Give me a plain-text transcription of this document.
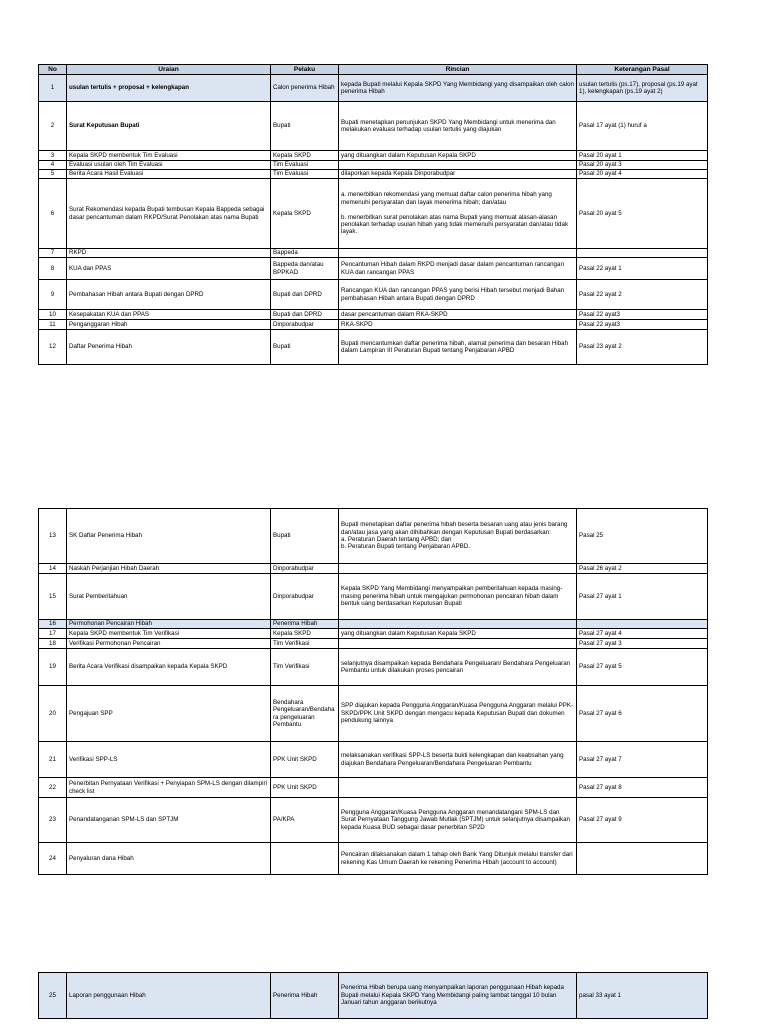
No	Uraian	Pelaku	Rincian	Keterangan Pasal
1	usulan tertulis + proposal + kelengkapan	Calon penerima Hibah	kepada Bupati melalui Kepala SKPD Yang Membidangi yang disampaikan oleh calon penerima Hibah	usulan tertulis (ps.17), proposal (ps.19 ayat 1), kelengkapan (ps.19 ayat 2)
2	Surat Keputusan Bupati	Bupati	Bupati menetapkan penunjukan SKPD Yang Membidangi untuk menerima dan melakukan evaluasi terhadap usulan tertulis yang diajukan	Pasal 17 ayat (1) huruf a
3	Kepala SKPD membentuk Tim Evaluasi	Kepala SKPD	yang dituangkan dalam Keputusan Kepala SKPD	Pasal 20 ayat 1
4	Evaluasi usulan oleh Tim Evaluasi	Tim Evaluasi		Pasal 20 ayat 3
5	Berita Acara Hasil Evaluasi	Tim Evaluasi	dilaporkan kepada Kepala Dinporabudpar	Pasal 20 ayat 4
6	Surat Rekomendasi kepada Bupati tembusan Kepala Bappeda sebagai dasar pencantuman dalam RKPD/Surat Penolakan atas nama Bupati	Kepala SKPD	a. menerbitkan rekomendasi yang memuat daftar calon penerima hibah yang memenuhi persyaratan dan layak menerima hibah; dan/atau

b. menerbitkan surat penolakan atas nama Bupati yang memuat alasan-alasan penolakan terhadap usulan hibah yang tidak memenuhi persyaratan dan/atau tidak layak.	Pasal 20 ayat 5
7	RKPD	Bappeda		
8	KUA dan PPAS	Bappeda dan/atau BPPKAD	Pencantuman Hibah dalam RKPD menjadi dasar dalam pencantuman rancangan KUA dan rancangan PPAS	Pasal 22 ayat 1
9	Pembahasan Hibah antara Bupati dengan DPRD	Bupati dan DPRD	Rancangan KUA dan rancangan PPAS yang berisi Hibah tersebut menjadi Bahan pembahasan Hibah antara Bupati dengan DPRD	Pasal 22 ayat 2
10	Kesepakatan KUA dan PPAS	Bupati dan DPRD	dasar pencantuman dalam RKA-SKPD	Pasal 22 ayat3
11	Penganggaran Hibah	Dinporabudpar	RKA-SKPD	Pasal 22 ayat3
12	Daftar Penerima Hibah	Bupati	Bupati mencantumkan daftar penerima hibah, alamat penerima dan besaran Hibah dalam Lampiran III Peraturan Bupati tentang Penjabaran APBD	Pasal 23 ayat 2
13	SK Daftar Penerima Hibah	Bupati	Bupati menetapkan daftar penerima hibah beserta besaran uang atau jenis barang dan/atau jasa yang akan dihibahkan dengan Keputusan Bupati berdasarkan:
a. Peraturan Daerah tentang APBD; dan
b. Peraturan Bupati tentang Penjabaran APBD.	Pasal 25
14	Naskah Perjanjian Hibah Daerah	Dinporabudpar		Pasal 26 ayat 2
15	Surat Pemberitahuan	Dinporabudpar	Kepala SKPD Yang Membidangi menyampaikan pemberitahuan kepada masing-masing penerima hibah untuk mengajukan permohonan pencairan hibah dalam bentuk uang berdasarkan Keputusan Bupati	Pasal 27 ayat 1
16	Permohonan Pencairan Hibah	Penerima Hibah		
17	Kepala SKPD membentuk Tim Verifikasi	Kepala SKPD	yang dituangkan dalam Keputusan Kepala SKPD	Pasal 27 ayat 4
18	Verifikasi Permohonan Pencairan	Tim Verifikasi		Pasal 27 ayat 3
19	Berita Acara Verifikasi disampaikan kepada Kepala SKPD	Tim Verifikasi	selanjutnya disampaikan kepada Bendahara Pengeluaran/ Bendahara Pengeluaran Pembantu untuk dilakukan proses pencairan	Pasal 27 ayat 5
20	Pengajuan SPP	Bendahara Pengeluaran/Bendahara pengeluaran Pembantu	SPP diajukan kepada Pengguna Anggaran/Kuasa Pengguna Anggaran melalui PPK-SKPD/PPK Unit SKPD dengan mengacu kepada Keputusan Bupati dan dokumen pendukung lainnya	Pasal 27 ayat 6
21	Verifikasi SPP-LS	PPK Unit SKPD	melaksanakan verifikasi SPP-LS beserta bukti kelengkapan dan keabsahan yang diajukan Bendahara Pengeluaran/Bendahara Pengeluaran Pembantu	Pasal 27 ayat 7
22	Penerbitan Pernyataan Verifikasi + Penyiapan SPM-LS dengan dilampiri check list	PPK Unit SKPD		Pasal 27 ayat 8
23	Penandatanganan SPM-LS dan SPTJM	PA/KPA	Pengguna Anggaran/Kuasa Pengguna Anggaran menandatangani SPM-LS dan Surat Pernyataan Tanggung Jawab Mutlak (SPTJM) untuk selanjutnya disampaikan kepada Kuasa BUD sebagai dasar penerbitan SP2D	Pasal 27 ayat 9
24	Penyaluran dana Hibah		Pencairan dilaksanakan dalam 1 tahap oleh Bank Yang Ditunjuk melalui transfer dari rekening Kas Umum Daerah ke rekening Penerima Hibah (account to account)	
25	Laporan penggunaan Hibah	Penerima Hibah	Penerima Hibah berupa uang menyampaikan laporan penggunaan Hibah kepada Bupati melalui Kepala SKPD Yang Membidangi paling lambat tanggal 10 bulan Januari tahun anggaran berikutnya	pasal 33 ayat 1
